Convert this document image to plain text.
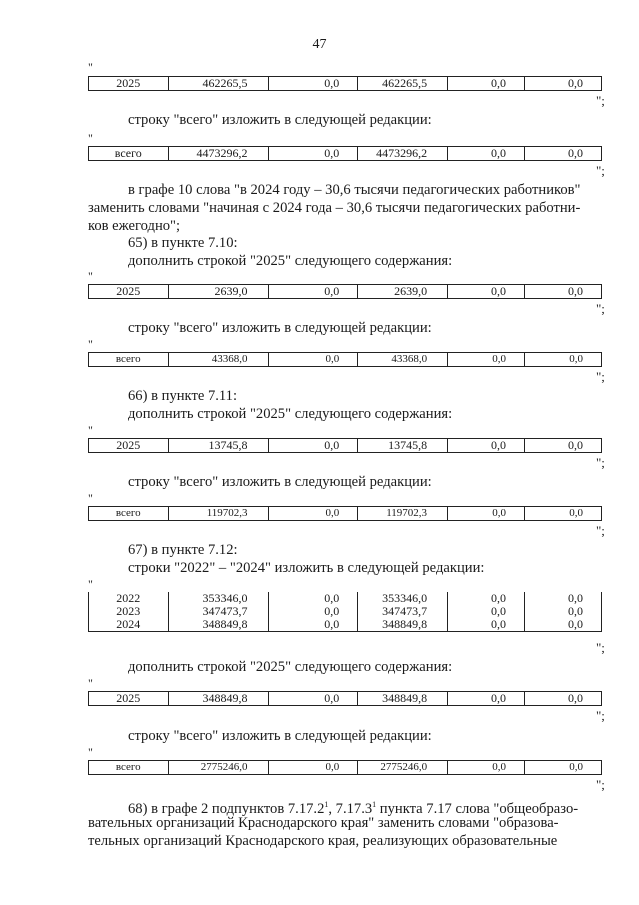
47
"
2025	462265,5	0,0	462265,5	0,0	0,0
";
строку "всего" изложить в следующей редакции:
"
всего	4473296,2	0,0	4473296,2	0,0	0,0
";
в графе 10 слова "в 2024 году – 30,6 тысячи педагогических работников"
заменить словами "начиная с 2024 года – 30,6 тысячи педагогических работни-
ков ежегодно";
65) в пункте 7.10:
дополнить строкой "2025" следующего содержания:
"
2025	2639,0	0,0	2639,0	0,0	0,0
";
строку "всего" изложить в следующей редакции:
"
всего	43368,0	0,0	43368,0	0,0	0,0
";
66) в пункте 7.11:
дополнить строкой "2025" следующего содержания:
"
2025	13745,8	0,0	13745,8	0,0	0,0
";
строку "всего" изложить в следующей редакции:
"
всего	119702,3	0,0	119702,3	0,0	0,0
";
67) в пункте 7.12:
строки "2022" – "2024" изложить в следующей редакции:
"
2022	353346,0	0,0	353346,0	0,0	0,0
2023	347473,7	0,0	347473,7	0,0	0,0
2024	348849,8	0,0	348849,8	0,0	0,0
";
дополнить строкой "2025" следующего содержания:
"
2025	348849,8	0,0	348849,8	0,0	0,0
";
строку "всего" изложить в следующей редакции:
"
всего	2775246,0	0,0	2775246,0	0,0	0,0
";
68) в графе 2 подпунктов 7.17.2$^1$, 7.17.3$^1$ пункта 7.17 слова "общеобразо-
вательных организаций Краснодарского края" заменить словами "образова-
тельных организаций Краснодарского края, реализующих образовательные
